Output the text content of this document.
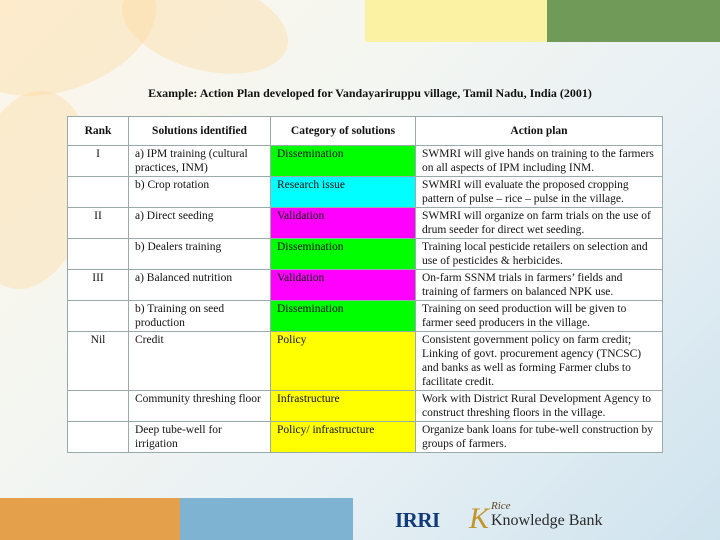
Example: Action Plan developed for Vandayariruppu village, Tamil Nadu, India (2001)
Rank	Solutions identified	Category of solutions	Action plan
I	a) IPM training (cultural practices, INM)	Dissemination	SWMRI will give hands on training to the farmers on all aspects of IPM including INM.
	b) Crop rotation	Research issue	SWMRI will evaluate the proposed cropping pattern of pulse – rice – pulse in the village.
II	a) Direct seeding	Validation	SWMRI will organize on farm trials on the use of drum seeder for direct wet seeding.
	b) Dealers training	Dissemination	Training local pesticide retailers on selection and use of pesticides & herbicides.
III	a) Balanced nutrition	Validation	On-farm SSNM trials in farmers’ fields and training of farmers on balanced NPK use.
	b) Training on seed production	Dissemination	Training on seed production will be given to farmer seed producers in the village.
Nil	Credit	Policy	Consistent government policy on farm credit; Linking of govt. procurement agency (TNCSC) and banks as well as forming Farmer clubs to facilitate credit.
	Community threshing floor	Infrastructure	Work with District Rural Development Agency to construct threshing floors in the village.
	Deep tube-well for irrigation	Policy/ infrastructure	Organize bank loans for tube-well construction by groups of farmers.
IRRI K Rice
Knowledge Bank
